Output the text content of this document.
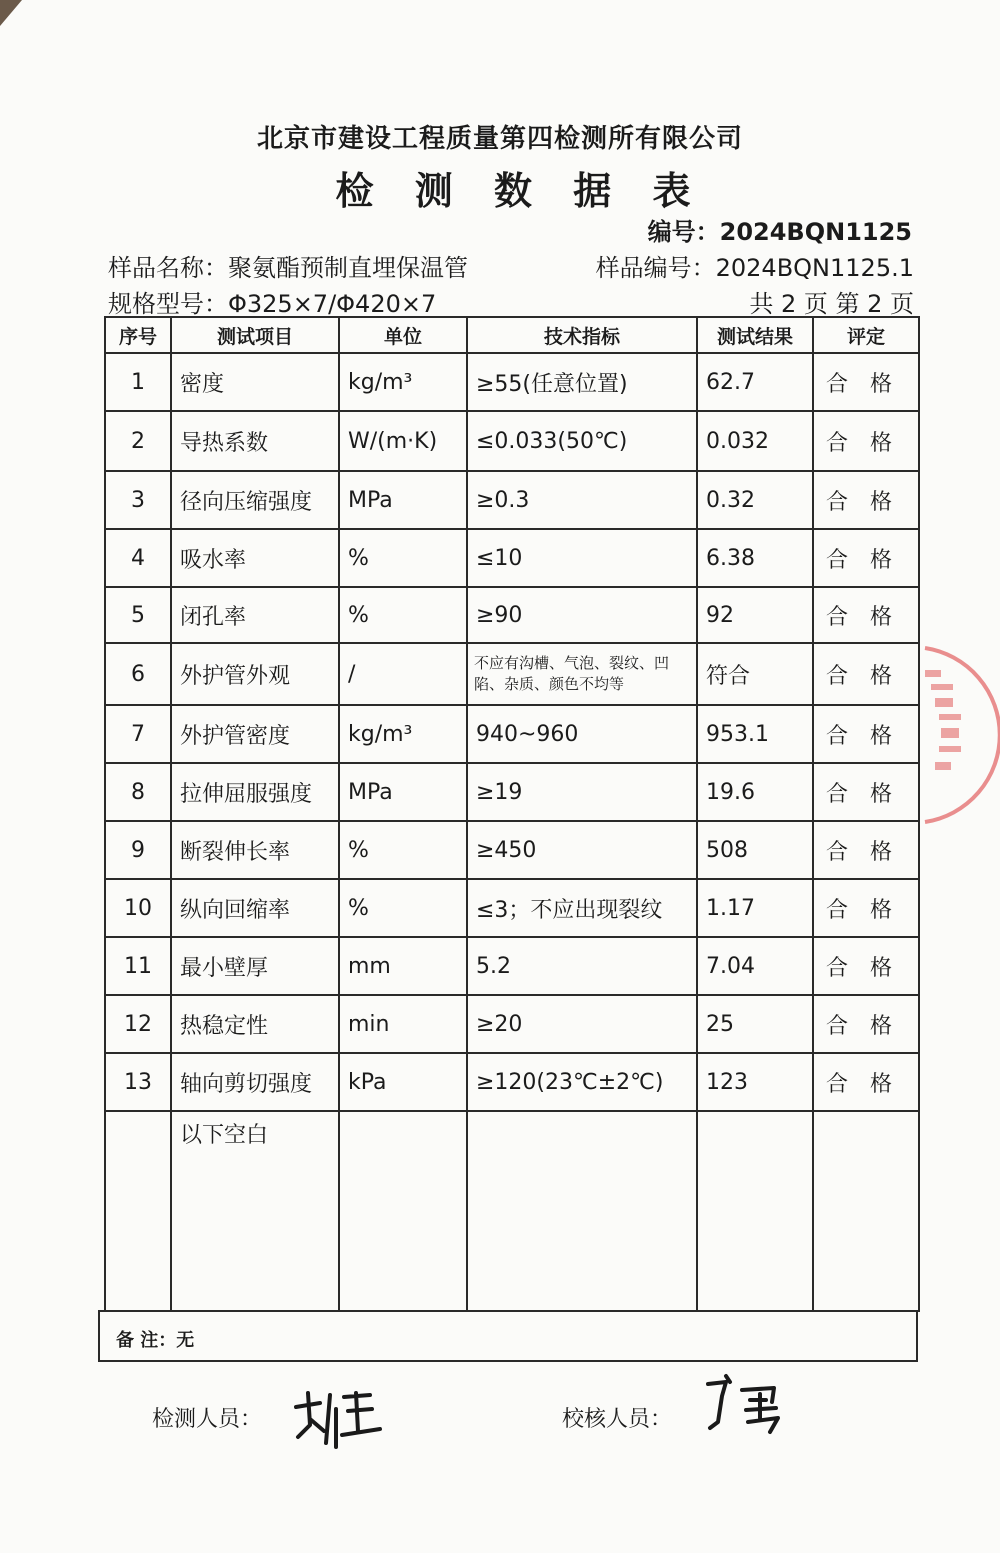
北京市建设工程质量第四检测所有限公司
检 测 数 据 表
编号：2024BQN1125
样品名称：聚氨酯预制直埋保温管	样品编号：2024BQN1125.1
规格型号：Φ325×7/Φ420×7	共 2 页 第 2 页
序号	测试项目	单位	技术指标	测试结果	评定
1	密度	kg/m³	≥55(任意位置)	62.7	合格
2	导热系数	W/(m·K)	≤0.033(50℃)	0.032	合格
3	径向压缩强度	MPa	≥0.3	0.32	合格
4	吸水率	%	≤10	6.38	合格
5	闭孔率	%	≥90	92	合格
6	外护管外观	/	不应有沟槽、气泡、裂纹、凹陷、杂质、颜色不均等	符合	合格
7	外护管密度	kg/m³	940~960	953.1	合格
8	拉伸屈服强度	MPa	≥19	19.6	合格
9	断裂伸长率	%	≥450	508	合格
10	纵向回缩率	%	≤3；不应出现裂纹	1.17	合格
11	最小壁厚	mm	5.2	7.04	合格
12	热稳定性	min	≥20	25	合格
13	轴向剪切强度	kPa	≥120(23℃±2℃)	123	合格
	以下空白				
备 注：无
检测人员：	校核人员：
